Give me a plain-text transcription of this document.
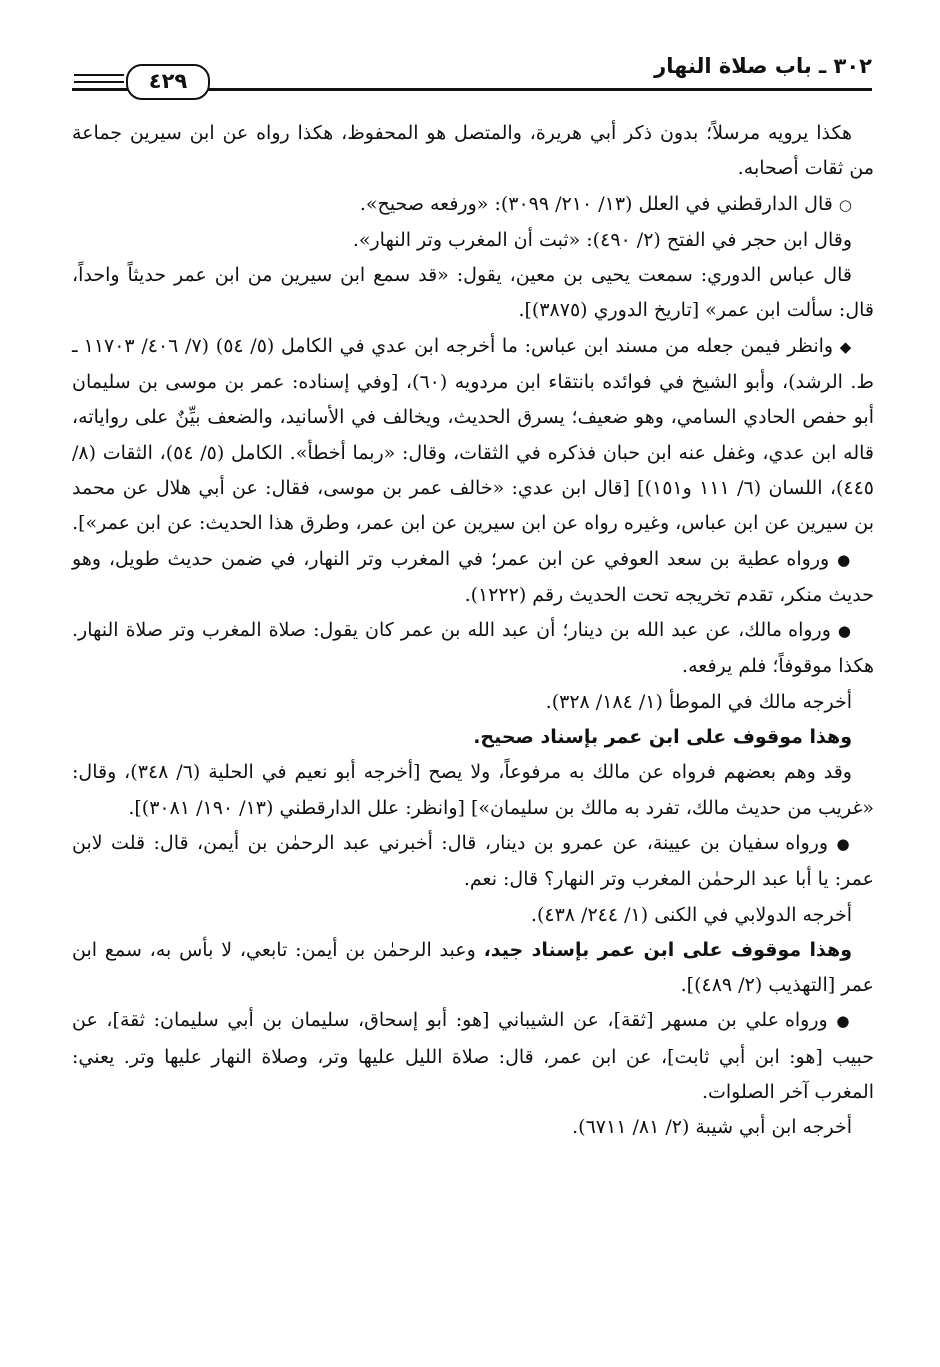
٣٠٢ ـ باب صلاة النهار
٤٢٩

هكذا يرويه مرسلاً؛ بدون ذكر أبي هريرة، والمتصل هو المحفوظ، هكذا رواه عن ابن سيرين جماعة من ثقات أصحابه.

○ قال الدارقطني في العلل (١٣/ ٢١٠/ ٣٠٩٩): «ورفعه صحيح».

وقال ابن حجر في الفتح (٢/ ٤٩٠): «ثبت أن المغرب وتر النهار».

قال عباس الدوري: سمعت يحيى بن معين، يقول: «قد سمع ابن سيرين من ابن عمر حديثاً واحداً، قال: سألت ابن عمر» [تاريخ الدوري (٣٨٧٥)].

◆ وانظر فيمن جعله من مسند ابن عباس: ما أخرجه ابن عدي في الكامل (٥/ ٥٤) (٧/ ٤٠٦/ ١١٧٠٣ ـ ط. الرشد)، وأبو الشيخ في فوائده بانتقاء ابن مردويه (٦٠)، [وفي إسناده: عمر بن موسى بن سليمان أبو حفص الحادي السامي، وهو ضعيف؛ يسرق الحديث، ويخالف في الأسانيد، والضعف بيِّنٌ على رواياته، قاله ابن عدي، وغفل عنه ابن حبان فذكره في الثقات، وقال: «ربما أخطأ». الكامل (٥/ ٥٤)، الثقات (٨/ ٤٤٥)، اللسان (٦/ ١١١ و١٥١)] [قال ابن عدي: «خالف عمر بن موسى، فقال: عن أبي هلال عن محمد بن سيرين عن ابن عباس، وغيره رواه عن ابن سيرين عن ابن عمر، وطرق هذا الحديث: عن ابن عمر»].

● ورواه عطية بن سعد العوفي عن ابن عمر؛ في المغرب وتر النهار، في ضمن حديث طويل، وهو حديث منكر، تقدم تخريجه تحت الحديث رقم (١٢٢٢).

● ورواه مالك، عن عبد الله بن دينار؛ أن عبد الله بن عمر كان يقول: صلاة المغرب وتر صلاة النهار. هكذا موقوفاً؛ فلم يرفعه.

أخرجه مالك في الموطأ (١/ ١٨٤/ ٣٢٨).

وهذا موقوف على ابن عمر بإسناد صحيح.

وقد وهم بعضهم فرواه عن مالك به مرفوعاً، ولا يصح [أخرجه أبو نعيم في الحلية (٦/ ٣٤٨)، وقال: «غريب من حديث مالك، تفرد به مالك بن سليمان»] [وانظر: علل الدارقطني (١٣/ ١٩٠/ ٣٠٨١)].

● ورواه سفيان بن عيينة، عن عمرو بن دينار، قال: أخبرني عبد الرحمٰن بن أيمن، قال: قلت لابن عمر: يا أبا عبد الرحمٰن المغرب وتر النهار؟ قال: نعم.

أخرجه الدولابي في الكنى (١/ ٢٤٤/ ٤٣٨).

وهذا موقوف على ابن عمر بإسناد جيد، وعبد الرحمٰن بن أيمن: تابعي، لا بأس به، سمع ابن عمر [التهذيب (٢/ ٤٨٩)].

● ورواه علي بن مسهر [ثقة]، عن الشيباني [هو: أبو إسحاق، سليمان بن أبي سليمان: ثقة]، عن حبيب [هو: ابن أبي ثابت]، عن ابن عمر، قال: صلاة الليل عليها وتر، وصلاة النهار عليها وتر. يعني: المغرب آخر الصلوات.

أخرجه ابن أبي شيبة (٢/ ٨١/ ٦٧١١).
